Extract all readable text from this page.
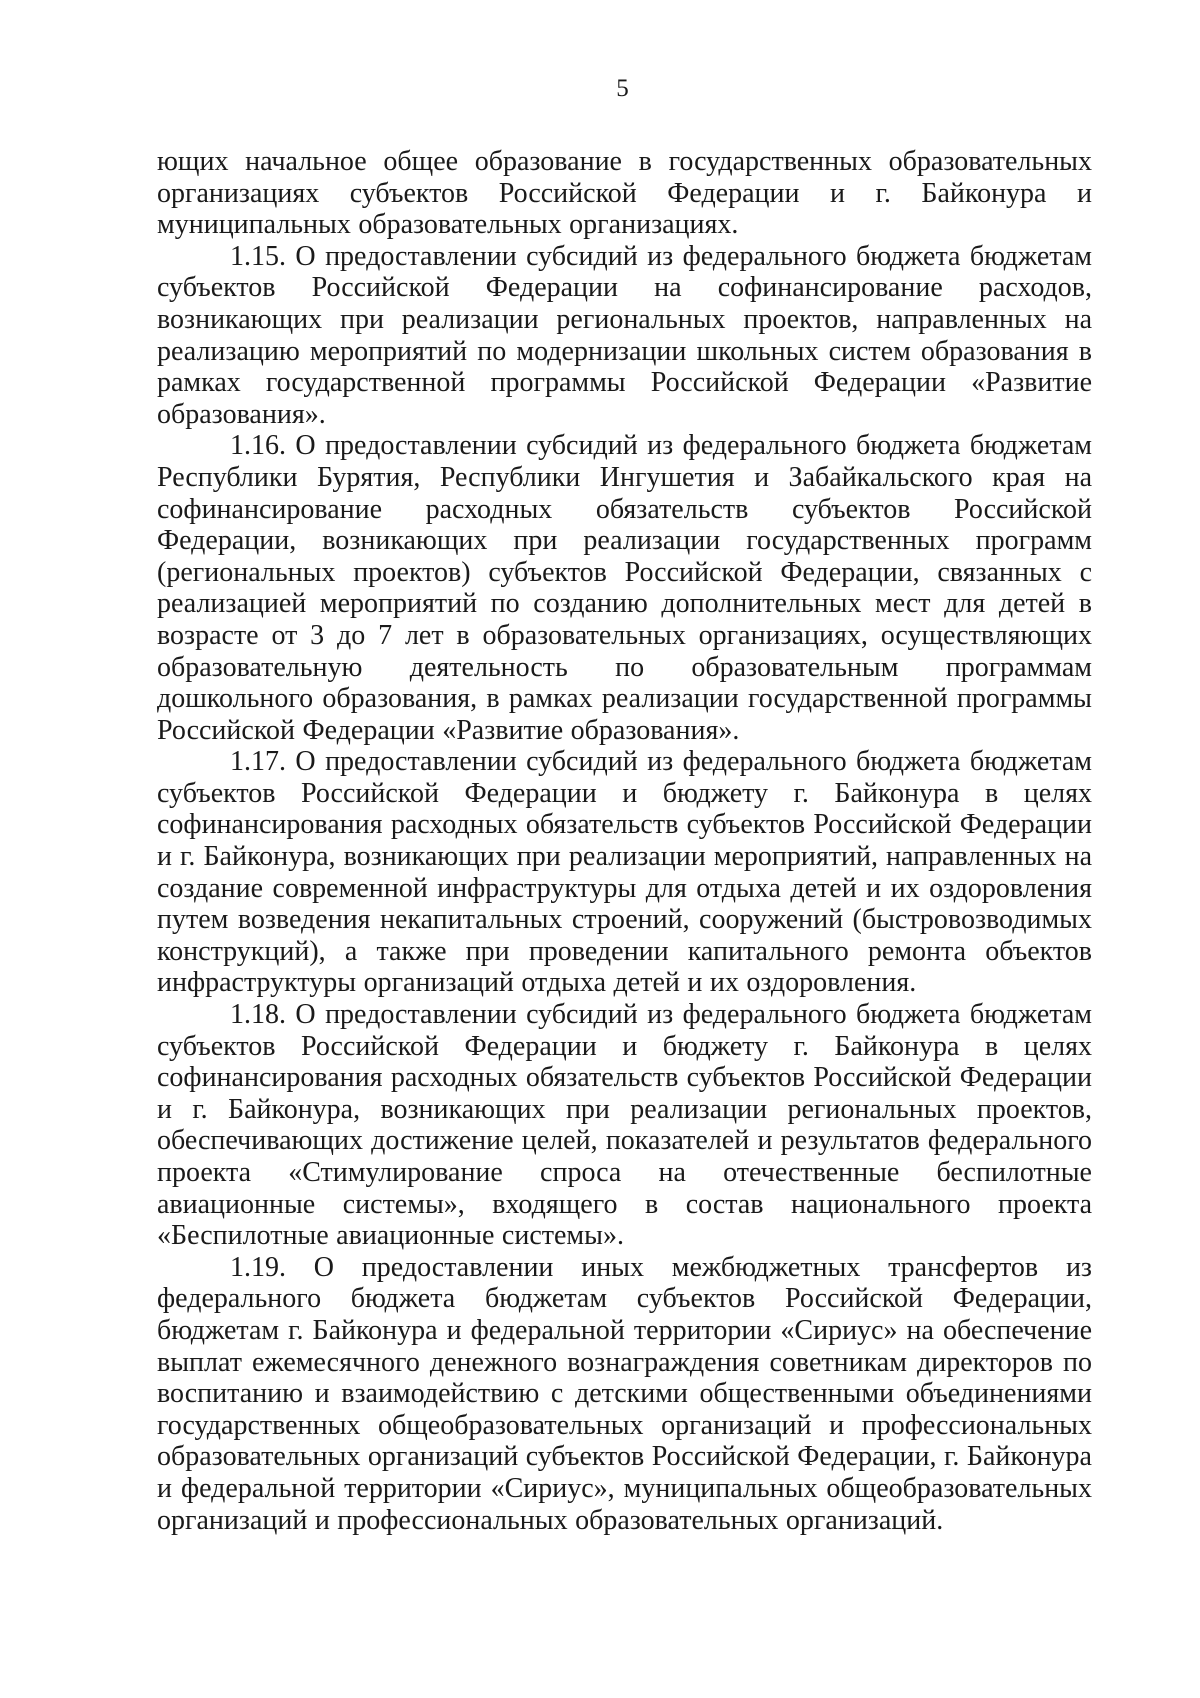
5

ющих начальное общее образование в государственных образовательных организациях субъектов Российской Федерации и г. Байконура и муниципальных образовательных организациях.

1.15. О предоставлении субсидий из федерального бюджета бюджетам субъектов Российской Федерации на софинансирование расходов, возникающих при реализации региональных проектов, направленных на реализацию мероприятий по модернизации школьных систем образования в рамках государственной программы Российской Федерации «Развитие образования».

1.16. О предоставлении субсидий из федерального бюджета бюджетам Республики Бурятия, Республики Ингушетия и Забайкальского края на софинансирование расходных обязательств субъектов Российской Федерации, возникающих при реализации государственных программ (региональных проектов) субъектов Российской Федерации, связанных с реализацией мероприятий по созданию дополнительных мест для детей в возрасте от 3 до 7 лет в образовательных организациях, осуществляющих образовательную деятельность по образовательным программам дошкольного образования, в рамках реализации государственной программы Российской Федерации «Развитие образования».

1.17. О предоставлении субсидий из федерального бюджета бюджетам субъектов Российской Федерации и бюджету г. Байконура в целях софинансирования расходных обязательств субъектов Российской Федерации и г. Байконура, возникающих при реализации мероприятий, направленных на создание современной инфраструктуры для отдыха детей и их оздоровления путем возведения некапитальных строений, сооружений (быстровозводимых конструкций), а также при проведении капитального ремонта объектов инфраструктуры организаций отдыха детей и их оздоровления.

1.18. О предоставлении субсидий из федерального бюджета бюджетам субъектов Российской Федерации и бюджету г. Байконура в целях софинансирования расходных обязательств субъектов Российской Федерации и г. Байконура, возникающих при реализации региональных проектов, обеспечивающих достижение целей, показателей и результатов федерального проекта «Стимулирование спроса на отечественные беспилотные авиационные системы», входящего в состав национального проекта «Беспилотные авиационные системы».

1.19. О предоставлении иных межбюджетных трансфертов из федерального бюджета бюджетам субъектов Российской Федерации, бюджетам г. Байконура и федеральной территории «Сириус» на обеспечение выплат ежемесячного денежного вознаграждения советникам директоров по воспитанию и взаимодействию с детскими общественными объединениями государственных общеобразовательных организаций и профессиональных образовательных организаций субъектов Российской Федерации, г. Байконура и федеральной территории «Сириус», муниципальных общеобразовательных организаций и профессиональных образовательных организаций.
